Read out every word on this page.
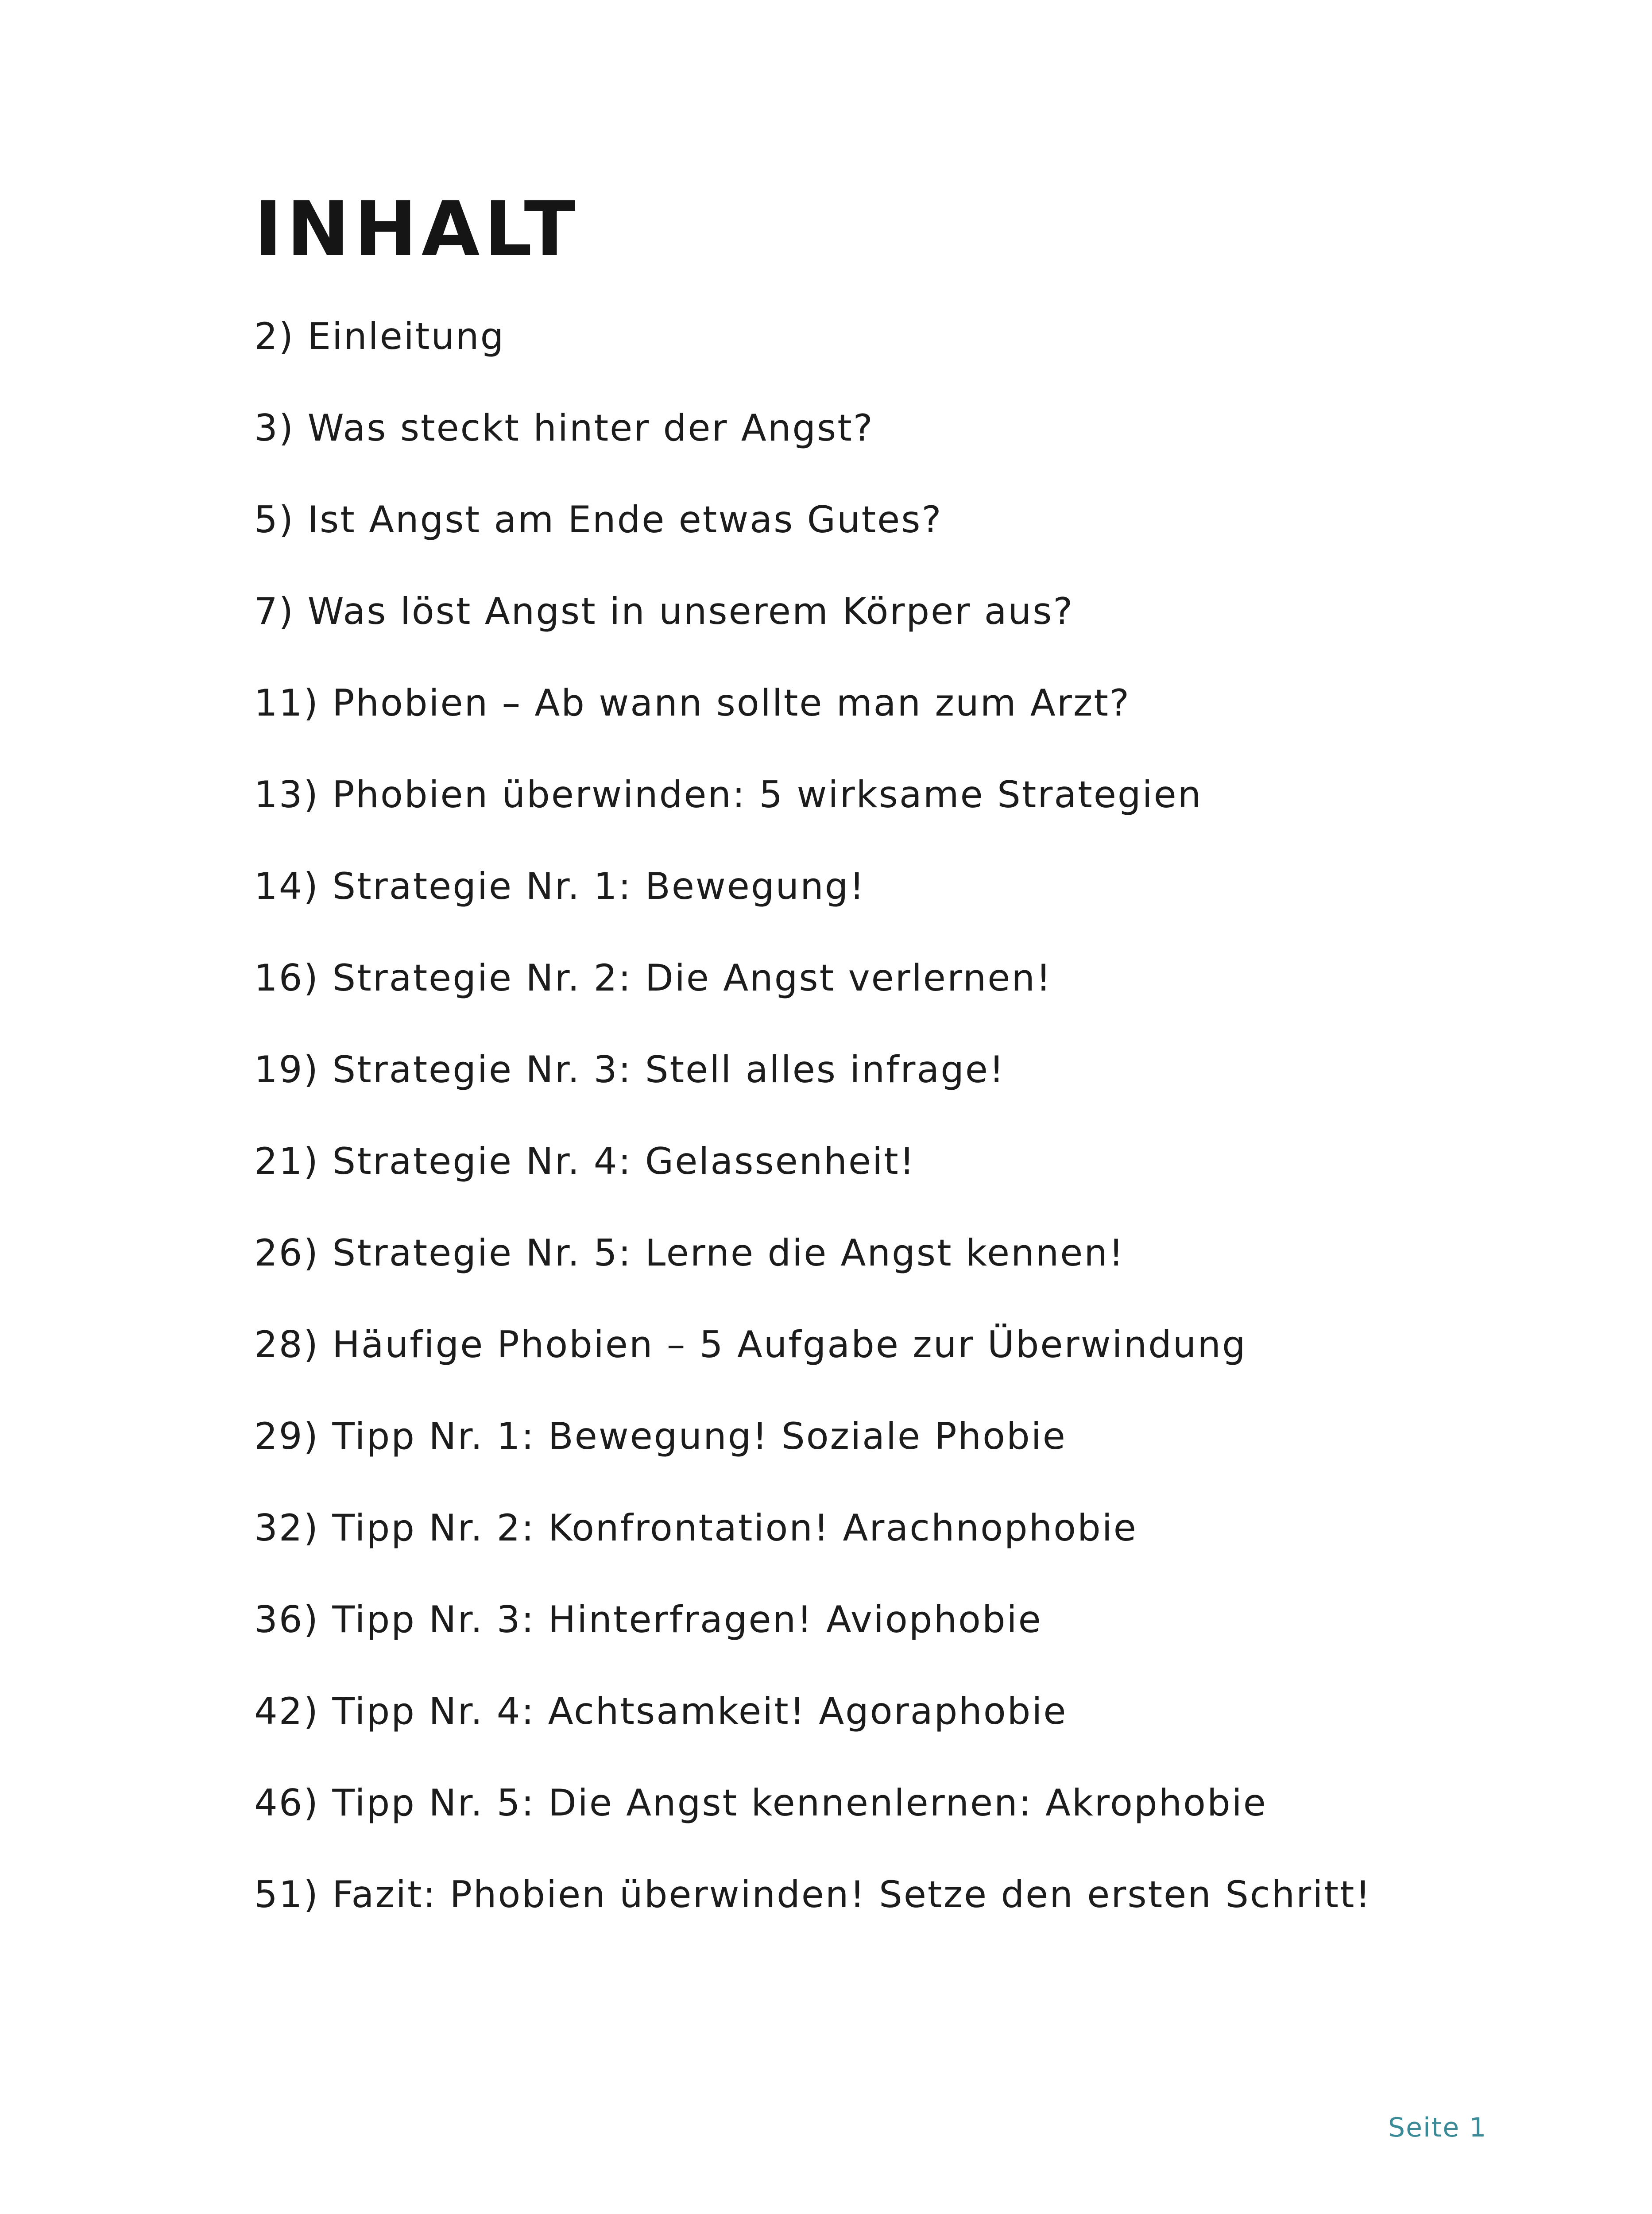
INHALT
2) Einleitung
3) Was steckt hinter der Angst?
5) Ist Angst am Ende etwas Gutes?
7) Was löst Angst in unserem Körper aus?
11) Phobien – Ab wann sollte man zum Arzt?
13) Phobien überwinden: 5 wirksame Strategien
14) Strategie Nr. 1: Bewegung!
16) Strategie Nr. 2: Die Angst verlernen!
19) Strategie Nr. 3: Stell alles infrage!
21) Strategie Nr. 4: Gelassenheit!
26) Strategie Nr. 5: Lerne die Angst kennen!
28) Häufige Phobien – 5 Aufgabe zur Überwindung
29) Tipp Nr. 1: Bewegung! Soziale Phobie
32) Tipp Nr. 2: Konfrontation! Arachnophobie
36) Tipp Nr. 3: Hinterfragen! Aviophobie
42) Tipp Nr. 4: Achtsamkeit! Agoraphobie
46) Tipp Nr. 5: Die Angst kennenlernen: Akrophobie
51) Fazit: Phobien überwinden! Setze den ersten Schritt!
Seite 1
